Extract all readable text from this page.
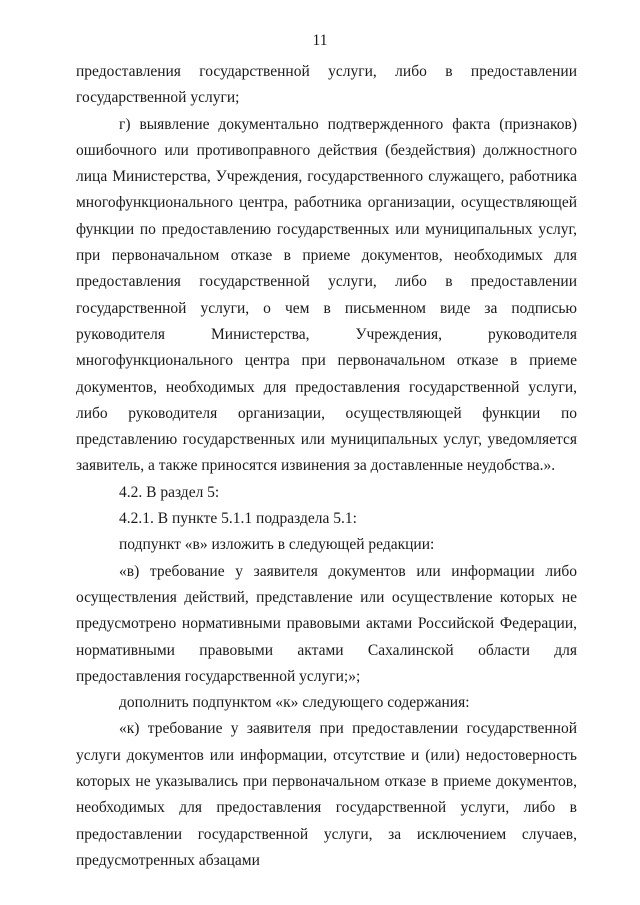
11

предоставления государственной услуги, либо в предоставлении государственной услуги;

г) выявление документально подтвержденного факта (признаков) ошибочного или противоправного действия (бездействия) должностного лица Министерства, Учреждения, государственного служащего, работника многофункционального центра, работника организации, осуществляющей функции по предоставлению государственных или муниципальных услуг, при первоначальном отказе в приеме документов, необходимых для предоставления государственной услуги, либо в предоставлении государственной услуги, о чем в письменном виде за подписью руководителя Министерства, Учреждения, руководителя многофункционального центра при первоначальном отказе в приеме документов, необходимых для предоставления государственной услуги, либо руководителя организации, осуществляющей функции по представлению государственных или муниципальных услуг, уведомляется заявитель, а также приносятся извинения за доставленные неудобства.».

4.2. В раздел 5:

4.2.1. В пункте 5.1.1 подраздела 5.1:

подпункт «в» изложить в следующей редакции:

«в) требование у заявителя документов или информации либо осуществления действий, представление или осуществление которых не предусмотрено нормативными правовыми актами Российской Федерации, нормативными правовыми актами Сахалинской области для предоставления государственной услуги;»;

дополнить подпунктом «к» следующего содержания:

«к) требование у заявителя при предоставлении государственной услуги документов или информации, отсутствие и (или) недостоверность которых не указывались при первоначальном отказе в приеме документов, необходимых для предоставления государственной услуги, либо в предоставлении государственной услуги, за исключением случаев, предусмотренных абзацами
